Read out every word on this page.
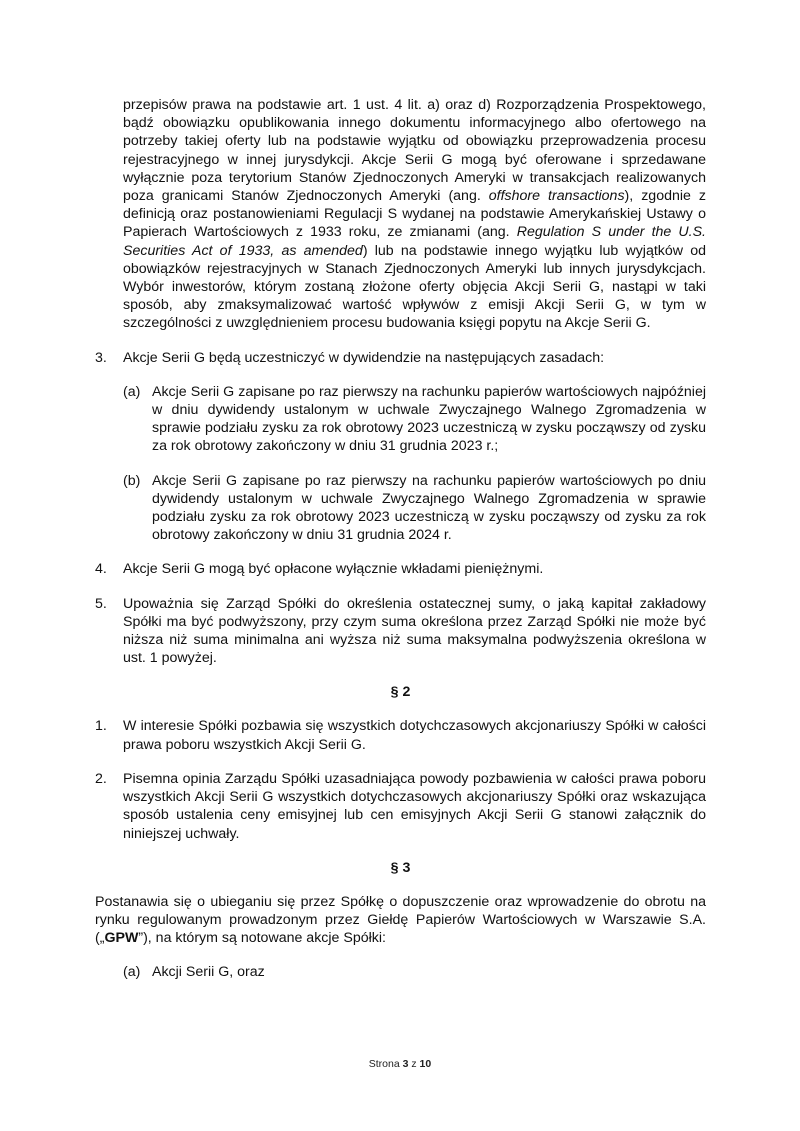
przepisów prawa na podstawie art. 1 ust. 4 lit. a) oraz d) Rozporządzenia Prospektowego, bądź obowiązku opublikowania innego dokumentu informacyjnego albo ofertowego na potrzeby takiej oferty lub na podstawie wyjątku od obowiązku przeprowadzenia procesu rejestracyjnego w innej jurysdykcji. Akcje Serii G mogą być oferowane i sprzedawane wyłącznie poza terytorium Stanów Zjednoczonych Ameryki w transakcjach realizowanych poza granicami Stanów Zjednoczonych Ameryki (ang. offshore transactions), zgodnie z definicją oraz postanowieniami Regulacji S wydanej na podstawie Amerykańskiej Ustawy o Papierach Wartościowych z 1933 roku, ze zmianami (ang. Regulation S under the U.S. Securities Act of 1933, as amended) lub na podstawie innego wyjątku lub wyjątków od obowiązków rejestracyjnych w Stanach Zjednoczonych Ameryki lub innych jurysdykcjach. Wybór inwestorów, którym zostaną złożone oferty objęcia Akcji Serii G, nastąpi w taki sposób, aby zmaksymalizować wartość wpływów z emisji Akcji Serii G, w tym w szczególności z uwzględnieniem procesu budowania księgi popytu na Akcje Serii G.

3. Akcje Serii G będą uczestniczyć w dywidendzie na następujących zasadach:
(a) Akcje Serii G zapisane po raz pierwszy na rachunku papierów wartościowych najpóźniej w dniu dywidendy ustalonym w uchwale Zwyczajnego Walnego Zgromadzenia w sprawie podziału zysku za rok obrotowy 2023 uczestniczą w zysku począwszy od zysku za rok obrotowy zakończony w dniu 31 grudnia 2023 r.;
(b) Akcje Serii G zapisane po raz pierwszy na rachunku papierów wartościowych po dniu dywidendy ustalonym w uchwale Zwyczajnego Walnego Zgromadzenia w sprawie podziału zysku za rok obrotowy 2023 uczestniczą w zysku począwszy od zysku za rok obrotowy zakończony w dniu 31 grudnia 2024 r.
4. Akcje Serii G mogą być opłacone wyłącznie wkładami pieniężnymi.
5. Upoważnia się Zarząd Spółki do określenia ostatecznej sumy, o jaką kapitał zakładowy Spółki ma być podwyższony, przy czym suma określona przez Zarząd Spółki nie może być niższa niż suma minimalna ani wyższa niż suma maksymalna podwyższenia określona w ust. 1 powyżej.

§ 2

1. W interesie Spółki pozbawia się wszystkich dotychczasowych akcjonariuszy Spółki w całości prawa poboru wszystkich Akcji Serii G.
2. Pisemna opinia Zarządu Spółki uzasadniająca powody pozbawienia w całości prawa poboru wszystkich Akcji Serii G wszystkich dotychczasowych akcjonariuszy Spółki oraz wskazująca sposób ustalenia ceny emisyjnej lub cen emisyjnych Akcji Serii G stanowi załącznik do niniejszej uchwały.

§ 3

Postanawia się o ubieganiu się przez Spółkę o dopuszczenie oraz wprowadzenie do obrotu na rynku regulowanym prowadzonym przez Giełdę Papierów Wartościowych w Warszawie S.A. („GPW”), na którym są notowane akcje Spółki:

(a) Akcji Serii G, oraz
Strona 3 z 10
